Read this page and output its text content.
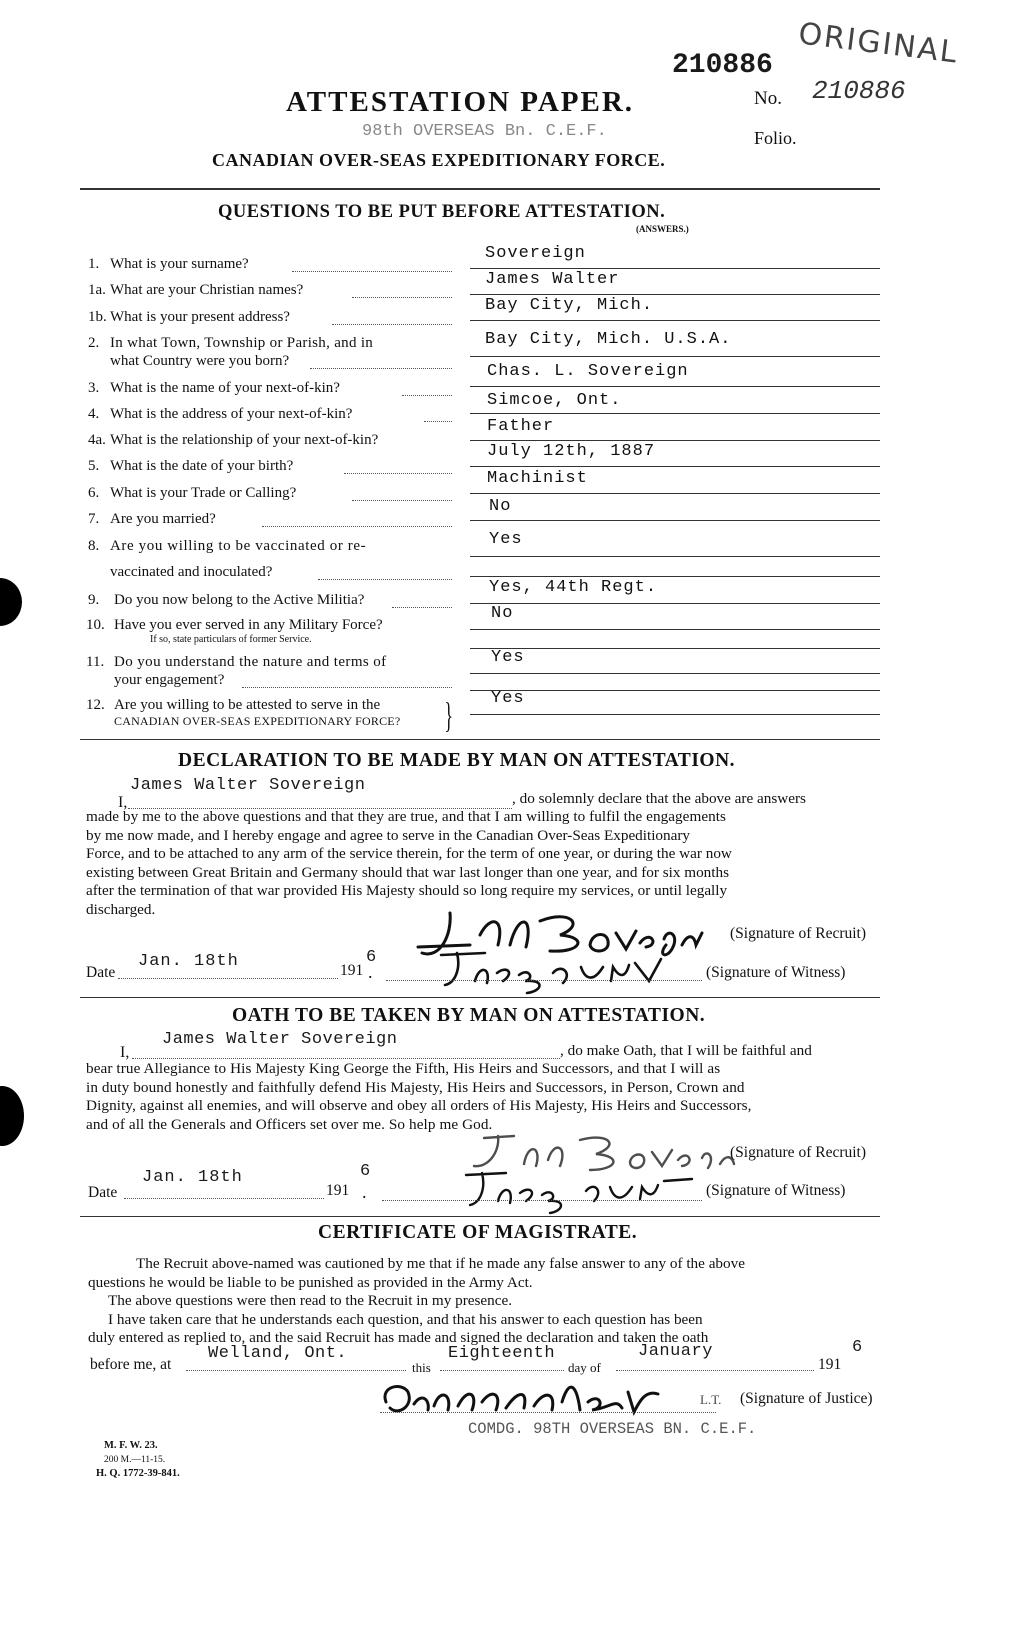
210886 ORIGINAL
No. 210886
Folio.
ATTESTATION PAPER.
98th OVERSEAS Bn. C.E.F.
CANADIAN OVER-SEAS EXPEDITIONARY FORCE.
QUESTIONS TO BE PUT BEFORE ATTESTATION.
(ANSWERS.)
1. What is your surname?
Sovereign
1a. What are your Christian names?
James Walter
1b. What is your present address?
Bay City, Mich.
2. In what Town, Township or Parish, and in
what Country were you born?
Bay City, Mich. U.S.A.
3. What is the name of your next-of-kin?
Chas. L. Sovereign
4. What is the address of your next-of-kin?
Simcoe, Ont.
4a. What is the relationship of your next-of-kin?
Father
5. What is the date of your birth?
July 12th, 1887
6. What is your Trade or Calling?
Machinist
7. Are you married?
No
8. Are you willing to be vaccinated or re-
vaccinated and inoculated?
Yes
9. Do you now belong to the Active Militia?
Yes, 44th Regt.
10. Have you ever served in any Military Force?
If so, state particulars of former Service.
No
11. Do you understand the nature and terms of
your engagement?
Yes
12. Are you willing to be attested to serve in the
CANADIAN OVER-SEAS EXPEDITIONARY FORCE? } Yes
DECLARATION TO BE MADE BY MAN ON ATTESTATION.
I,
James Walter Sovereign
, do solemnly declare that the above are answers
made by me to the above questions and that they are true, and that I am willing to fulfil the engagements
by me now made, and I hereby engage and agree to serve in the Canadian Over-Seas Expeditionary
Force, and to be attached to any arm of the service therein, for the term of one year, or during the war now
existing between Great Britain and Germany should that war last longer than one year, and for six months
after the termination of that war provided His Majesty should so long require my services, or until legally
discharged.
(Signature of Recruit)
Date
Jan. 18th	191
6
.	(Signature of Witness)
OATH TO BE TAKEN BY MAN ON ATTESTATION.
I,
James Walter Sovereign
, do make Oath, that I will be faithful and
bear true Allegiance to His Majesty King George the Fifth, His Heirs and Successors, and that I will as
in duty bound honestly and faithfully defend His Majesty, His Heirs and Successors, in Person, Crown and
Dignity, against all enemies, and will observe and obey all orders of His Majesty, His Heirs and Successors,
and of all the Generals and Officers set over me. So help me God.
(Signature of Recruit)
Date
Jan. 18th
191
6
.	(Signature of Witness)
CERTIFICATE OF MAGISTRATE.
The Recruit above-named was cautioned by me that if he made any false answer to any of the above
questions he would be liable to be punished as provided in the Army Act.
The above questions were then read to the Recruit in my presence.
I have taken care that he understands each question, and that his answer to each question has been
duly entered as replied to, and the said Recruit has made and signed the declaration and taken the oath
before me, at
Welland, Ont.
this
Eighteenth
day of
January
191
6
L.T. (Signature of Justice)
COMDG. 98TH OVERSEAS BN. C.E.F.
M. F. W. 23.
200 M.—11-15.
H. Q. 1772-39-841.
